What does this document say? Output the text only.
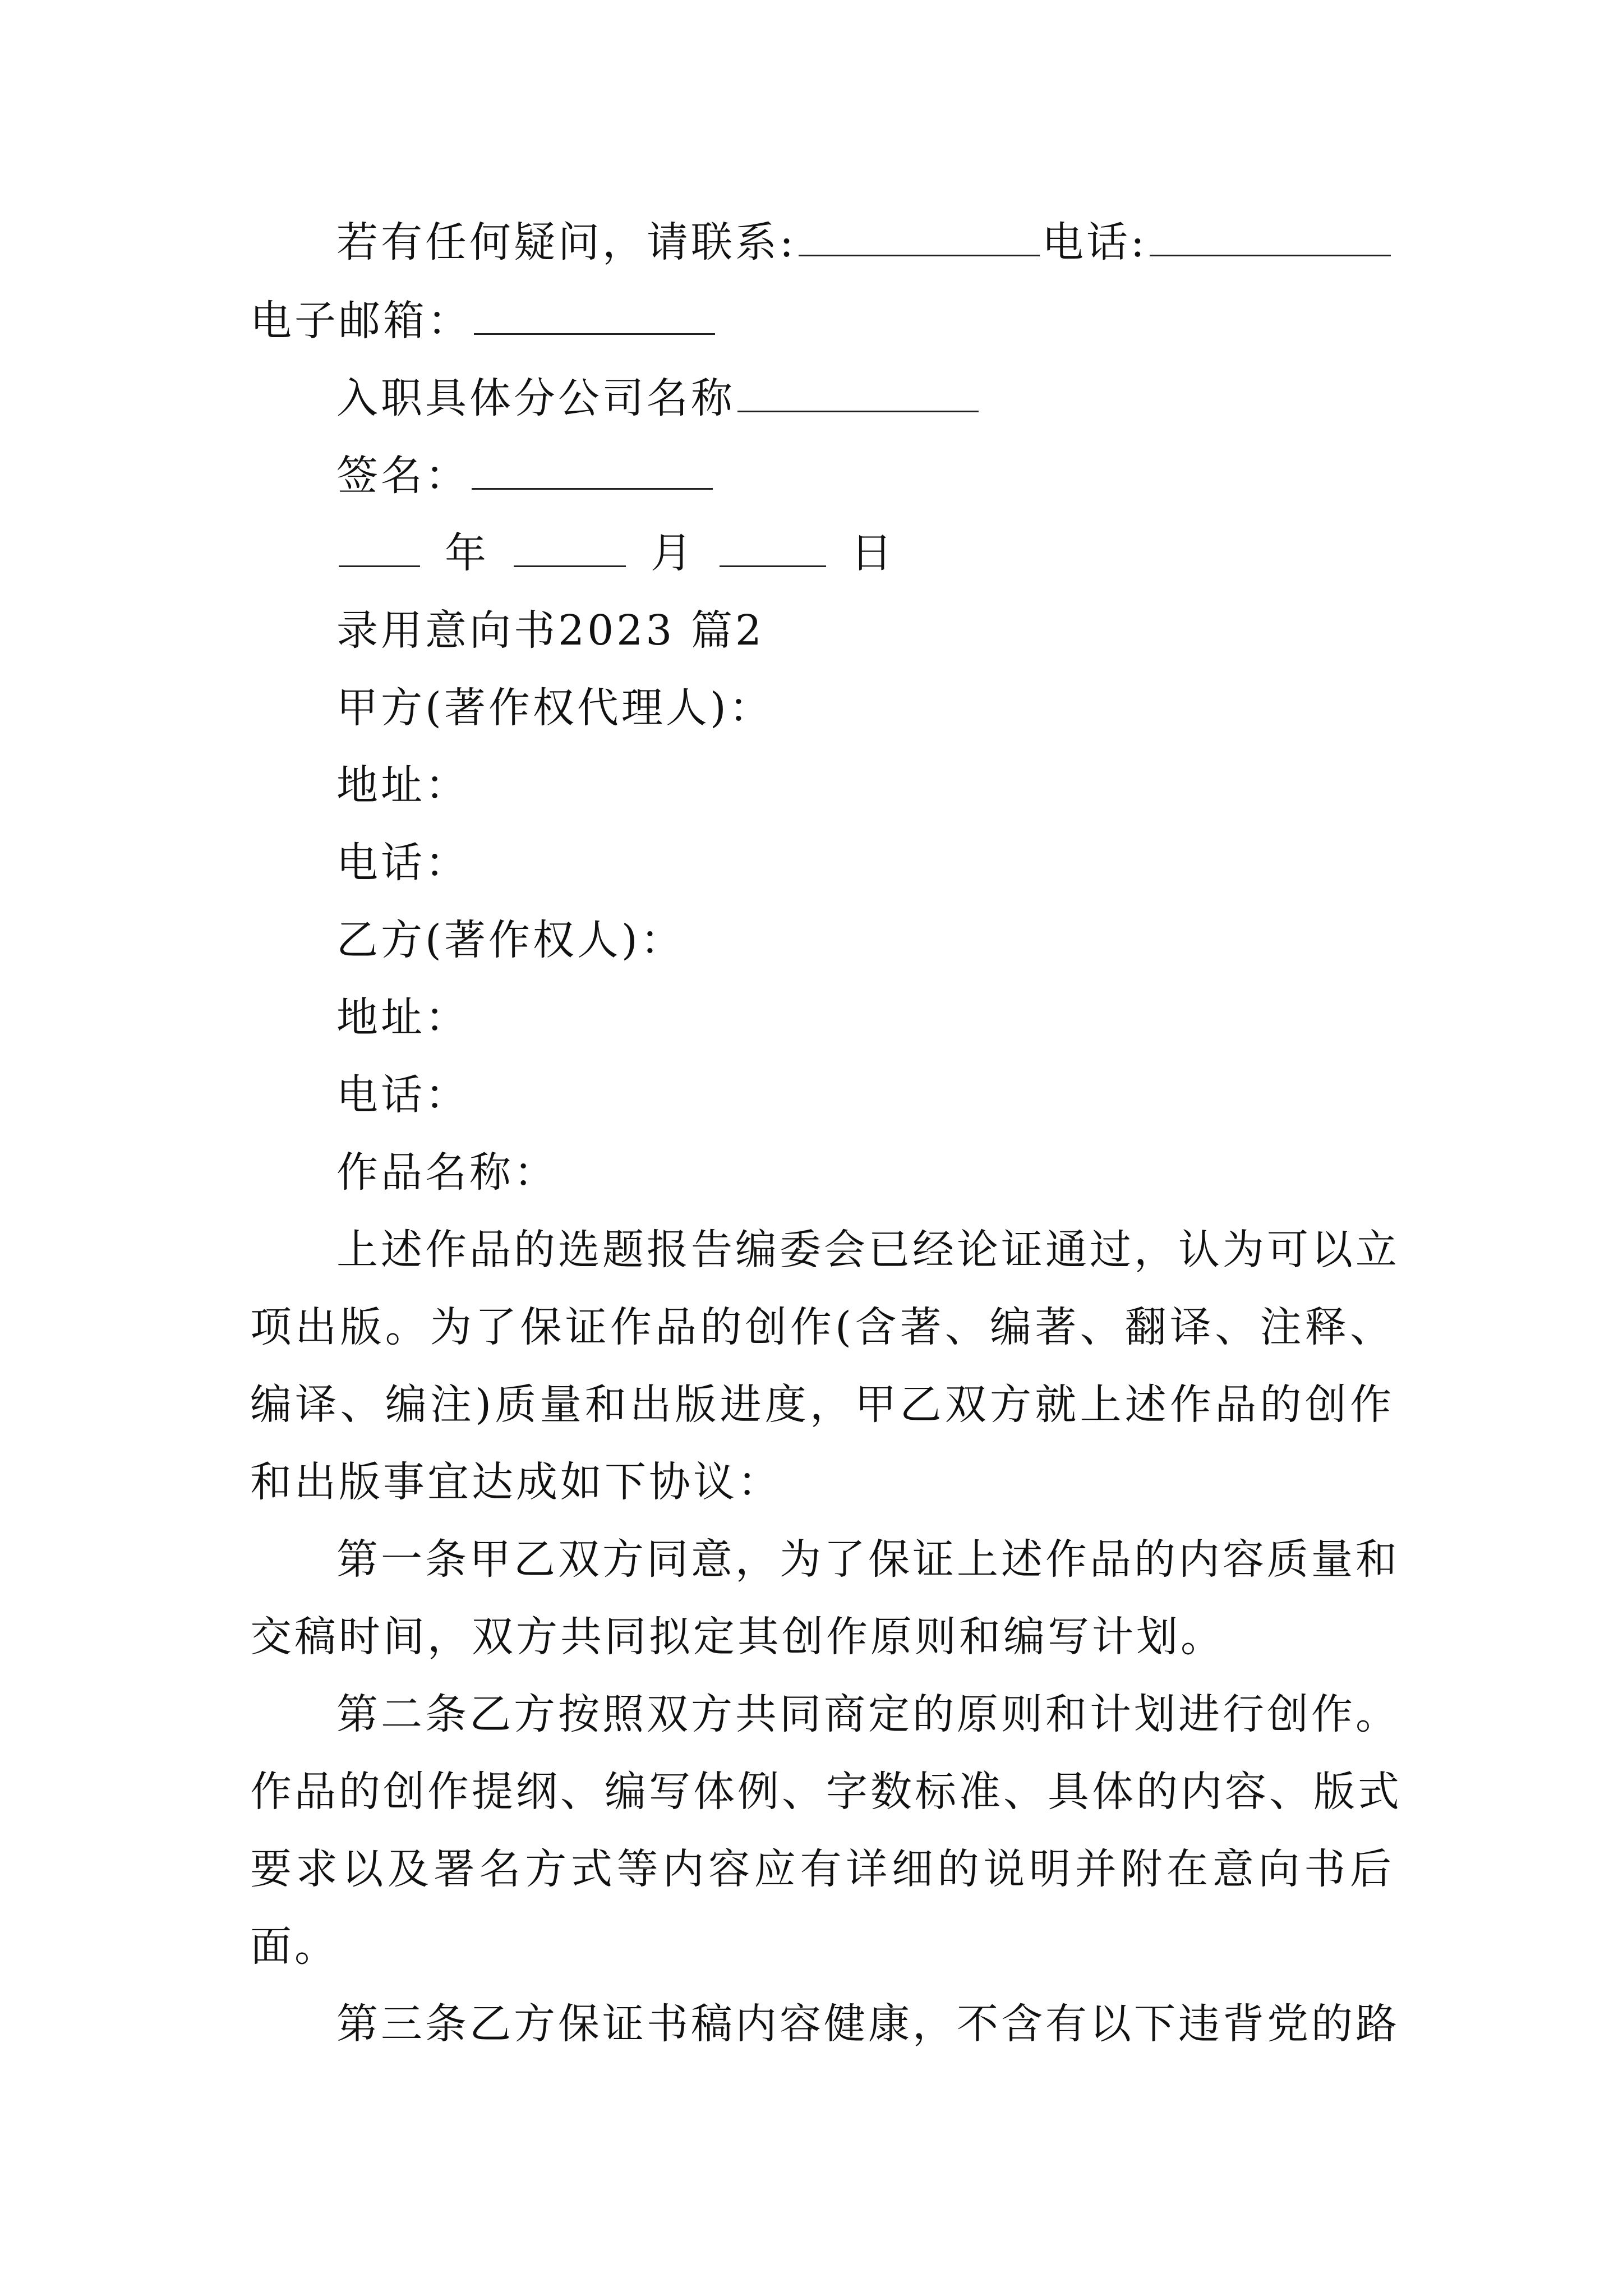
若有任何疑问，请联系:	电话:
电子邮箱：
入职具体分公司名称
签名：
年	月	日
录用意向书2023 篇2
甲方(著作权代理人)：
地址：
电话：
乙方(著作权人)：
地址：
电话：
作品名称：
上述作品的选题报告编委会已经论证通过，认为可以立
项出版。为了保证作品的创作(含著、编著、翻译、注释、
编译、编注)质量和出版进度，甲乙双方就上述作品的创作
和出版事宜达成如下协议：
第一条甲乙双方同意，为了保证上述作品的内容质量和
交稿时间，双方共同拟定其创作原则和编写计划。
第二条乙方按照双方共同商定的原则和计划进行创作。
作品的创作提纲、编写体例、字数标准、具体的内容、版式
要求以及署名方式等内容应有详细的说明并附在意向书后
面。
第三条乙方保证书稿内容健康，不含有以下违背党的路
